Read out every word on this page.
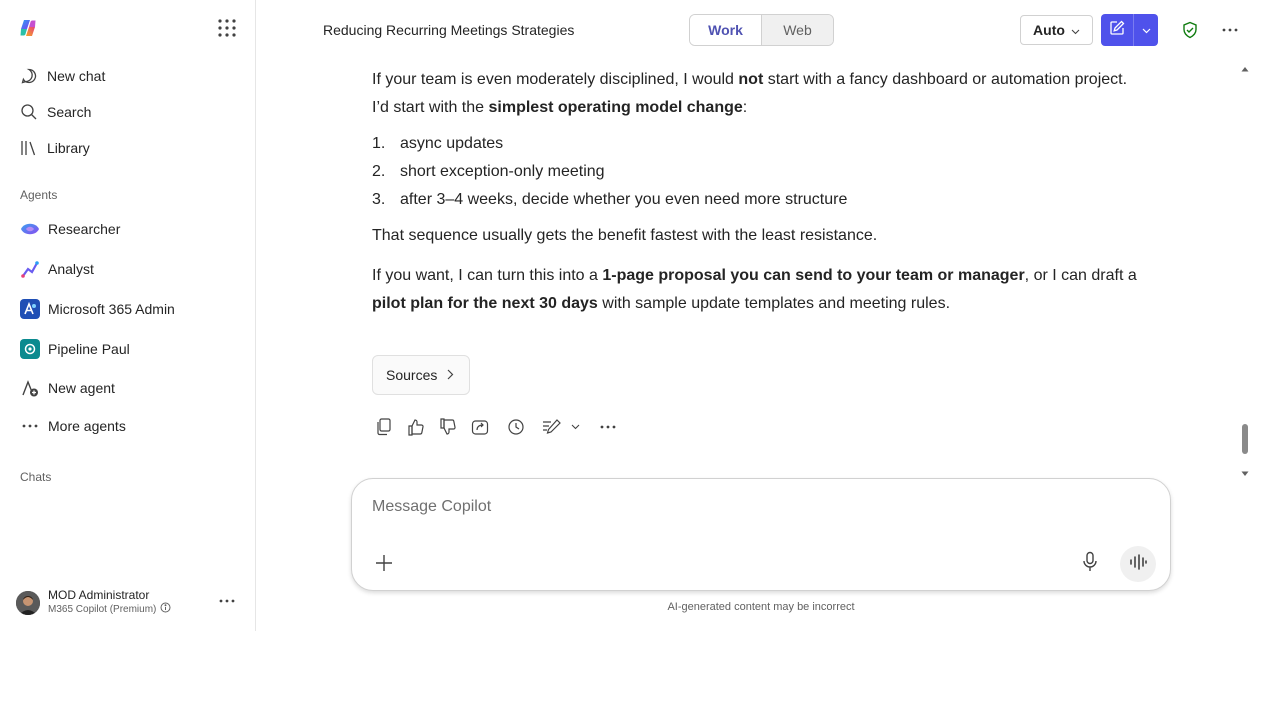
New chat
Search
Library
Agents
Researcher
Analyst
Microsoft 365 Admin
Pipeline Paul
New agent
More agents
Chats
MOD Administrator
M365 Copilot (Premium)
Reducing Recurring Meetings Strategies	Work	Web	Auto

If your team is even moderately disciplined, I would not start with a fancy dashboard or automation project. I’d start with the simplest operating model change:

1. async updates
2. short exception-only meeting
3. after 3–4 weeks, decide whether you even need more structure

That sequence usually gets the benefit fastest with the least resistance.

If you want, I can turn this into a 1-page proposal you can send to your team or manager, or I can draft a pilot plan for the next 30 days with sample update templates and meeting rules.

Sources
Message Copilot
AI-generated content may be incorrect
